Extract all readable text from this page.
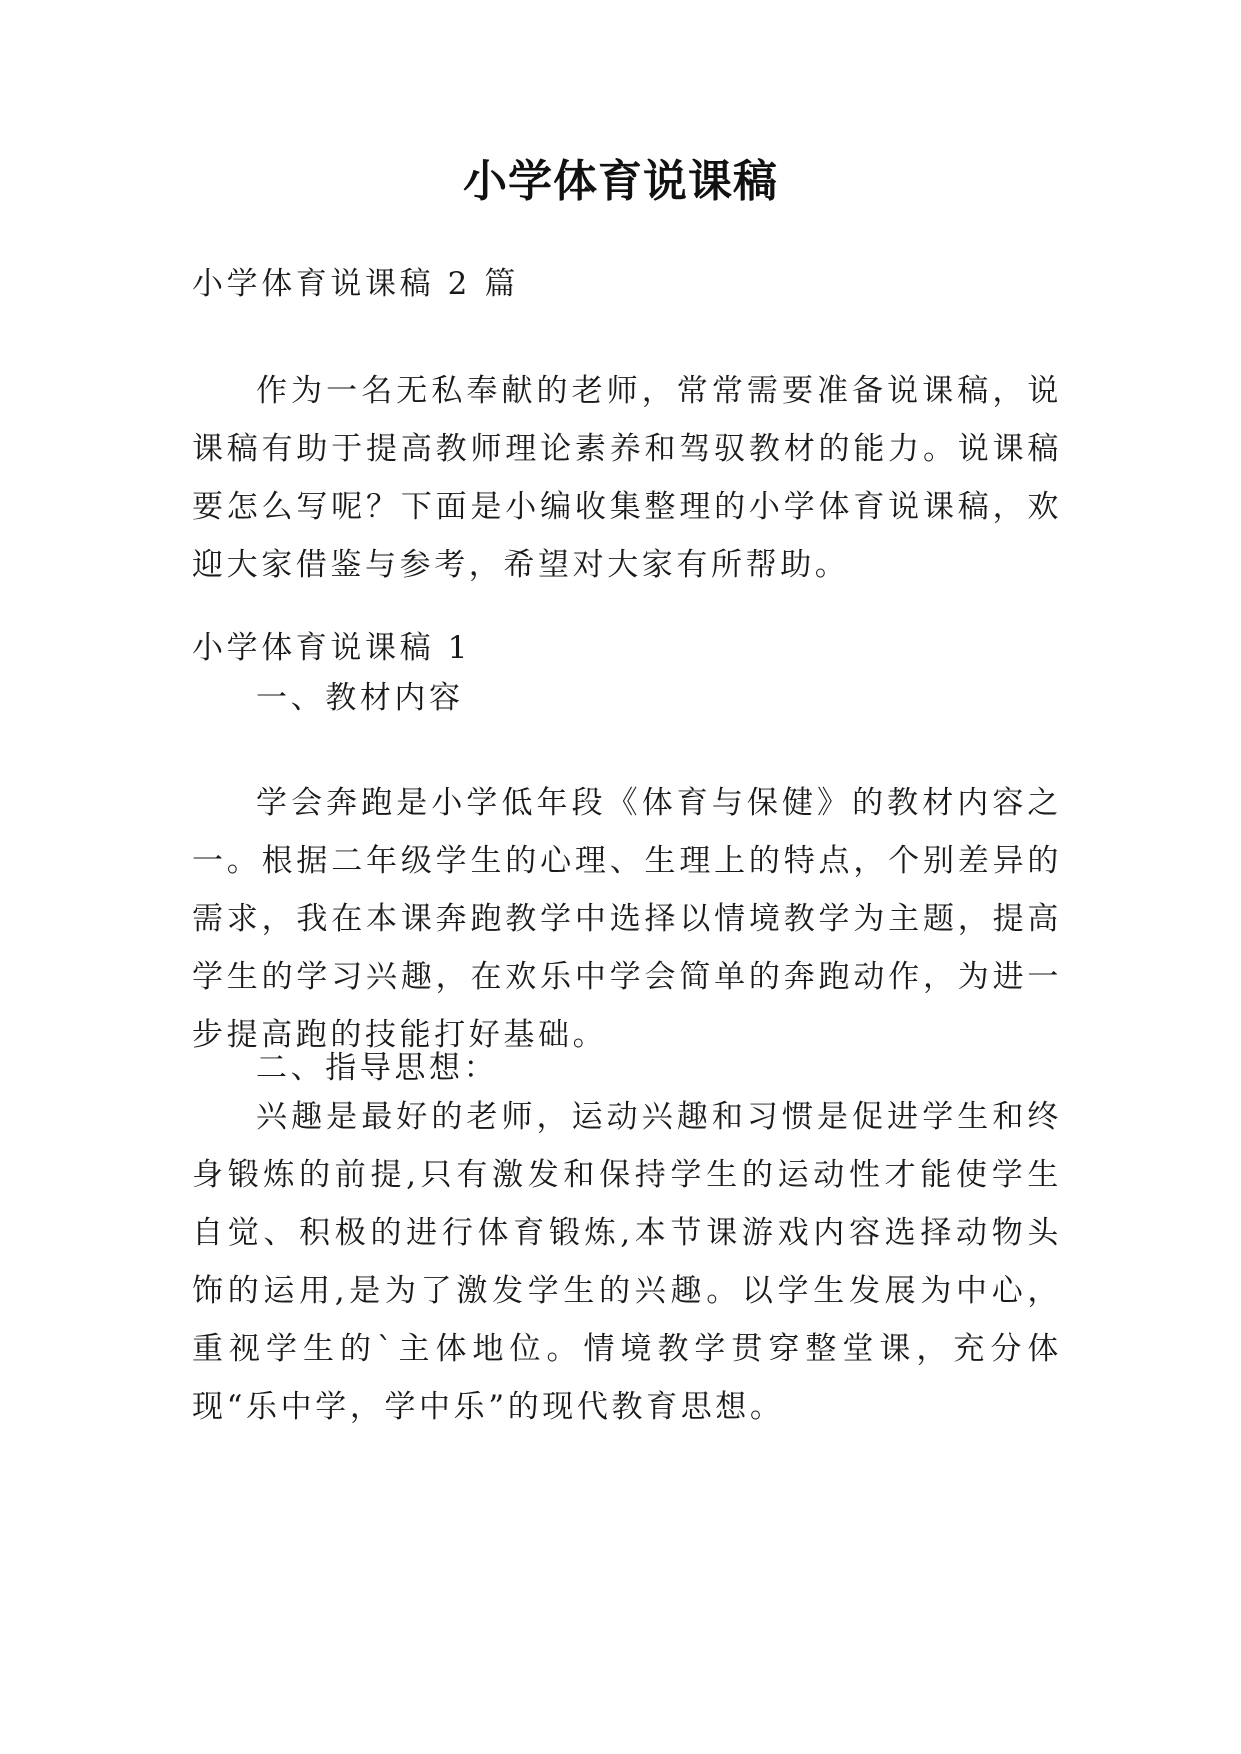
小学体育说课稿
小学体育说课稿 2 篇
作为一名无私奉献的老师，常常需要准备说课稿，说课稿有助于提高教师理论素养和驾驭教材的能力。说课稿要怎么写呢？下面是小编收集整理的小学体育说课稿，欢迎大家借鉴与参考，希望对大家有所帮助。
小学体育说课稿 1
一、教材内容
学会奔跑是小学低年段《体育与保健》的教材内容之一。根据二年级学生的心理、生理上的特点，个别差异的需求，我在本课奔跑教学中选择以情境教学为主题，提高学生的学习兴趣，在欢乐中学会简单的奔跑动作，为进一步提高跑的技能打好基础。
二、指导思想：
兴趣是最好的老师，运动兴趣和习惯是促进学生和终身锻炼的前提,只有激发和保持学生的运动性才能使学生自觉、积极的进行体育锻炼,本节课游戏内容选择动物头饰的运用,是为了激发学生的兴趣。以学生发展为中心，重视学生的`主体地位。情境教学贯穿整堂课，充分体现“乐中学，学中乐”的现代教育思想。
